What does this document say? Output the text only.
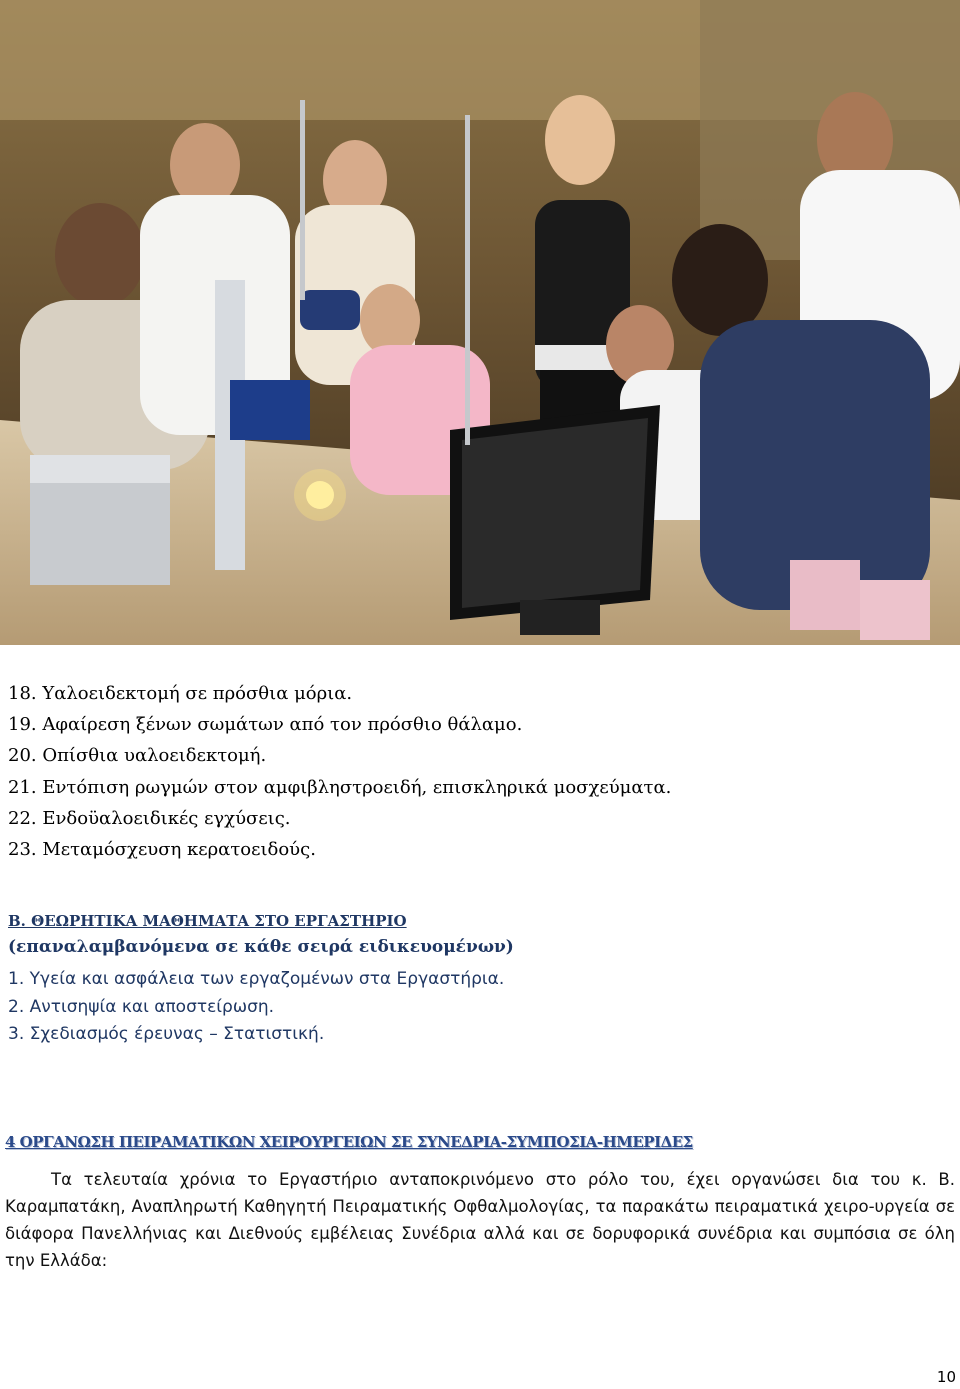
18. Υαλοειδεκτομή σε πρόσθια μόρια.
19. Αφαίρεση ξένων σωμάτων από τον πρόσθιο θάλαμο.
20. Οπίσθια υαλοειδεκτομή.
21. Εντόπιση ρωγμών στον αμφιβληστροειδή, επισκληρικά μοσχεύματα.
22. Ενδοϋαλοειδικές εγχύσεις.
23. Μεταμόσχευση κερατοειδούς.
Β. ΘΕΩΡΗΤΙΚΑ ΜΑΘΗΜΑΤΑ ΣΤΟ ΕΡΓΑΣΤΗΡΙΟ
(επαναλαμβανόμενα σε κάθε σειρά ειδικευομένων)
1. Υγεία και ασφάλεια των εργαζομένων στα Εργαστήρια.
2. Αντισηψία και αποστείρωση.
3. Σχεδιασμός έρευνας – Στατιστική.
4 ΟΡΓΑΝΩΣΗ ΠΕΙΡΑΜΑΤΙΚΩΝ ΧΕΙΡΟΥΡΓΕΙΩΝ ΣΕ ΣΥΝΕΔΡΙΑ-ΣΥΜΠΟΣΙΑ-ΗΜΕΡΙΔΕΣ

Τα τελευταία χρόνια το Εργαστήριο ανταποκρινόμενο στο ρόλο του, έχει οργανώσει δια του κ. Β. Καραμπατάκη, Αναπληρωτή Καθηγητή Πειραματικής Οφθαλμολογίας, τα παρακάτω πειραματικά χειρο-υργεία σε διάφορα Πανελλήνιας και Διεθνούς εμβέλειας Συνέδρια αλλά και σε δορυφορικά συνέδρια και συμπόσια σε όλη την Ελλάδα:

10
